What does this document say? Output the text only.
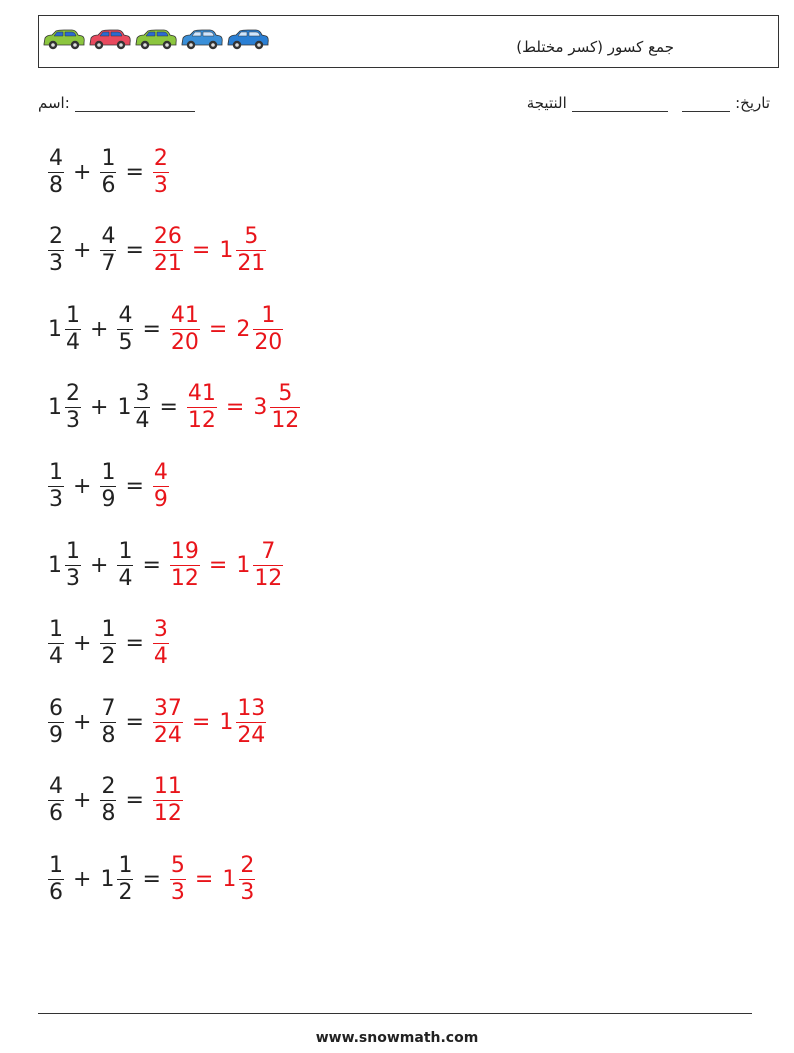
جمع كسور (كسر مختلط)
اسم:	تاريخ:   النتيجة
$\frac{4}{8} + \frac{1}{6} = \frac{2}{3}$
$\frac{2}{3} + \frac{4}{7} = \frac{26}{21} = 1 \frac{5}{21}$
$1 \frac{1}{4} + \frac{4}{5} = \frac{41}{20} = 2 \frac{1}{20}$
$1 \frac{2}{3} + 1 \frac{3}{4} = \frac{41}{12} = 3 \frac{5}{12}$
$\frac{1}{3} + \frac{1}{9} = \frac{4}{9}$
$1 \frac{1}{3} + \frac{1}{4} = \frac{19}{12} = 1 \frac{7}{12}$
$\frac{1}{4} + \frac{1}{2} = \frac{3}{4}$
$\frac{6}{9} + \frac{7}{8} = \frac{37}{24} = 1 \frac{13}{24}$
$\frac{4}{6} + \frac{2}{8} = \frac{11}{12}$
$\frac{1}{6} + 1 \frac{1}{2} = \frac{5}{3} = 1 \frac{2}{3}$
www.snowmath.com
